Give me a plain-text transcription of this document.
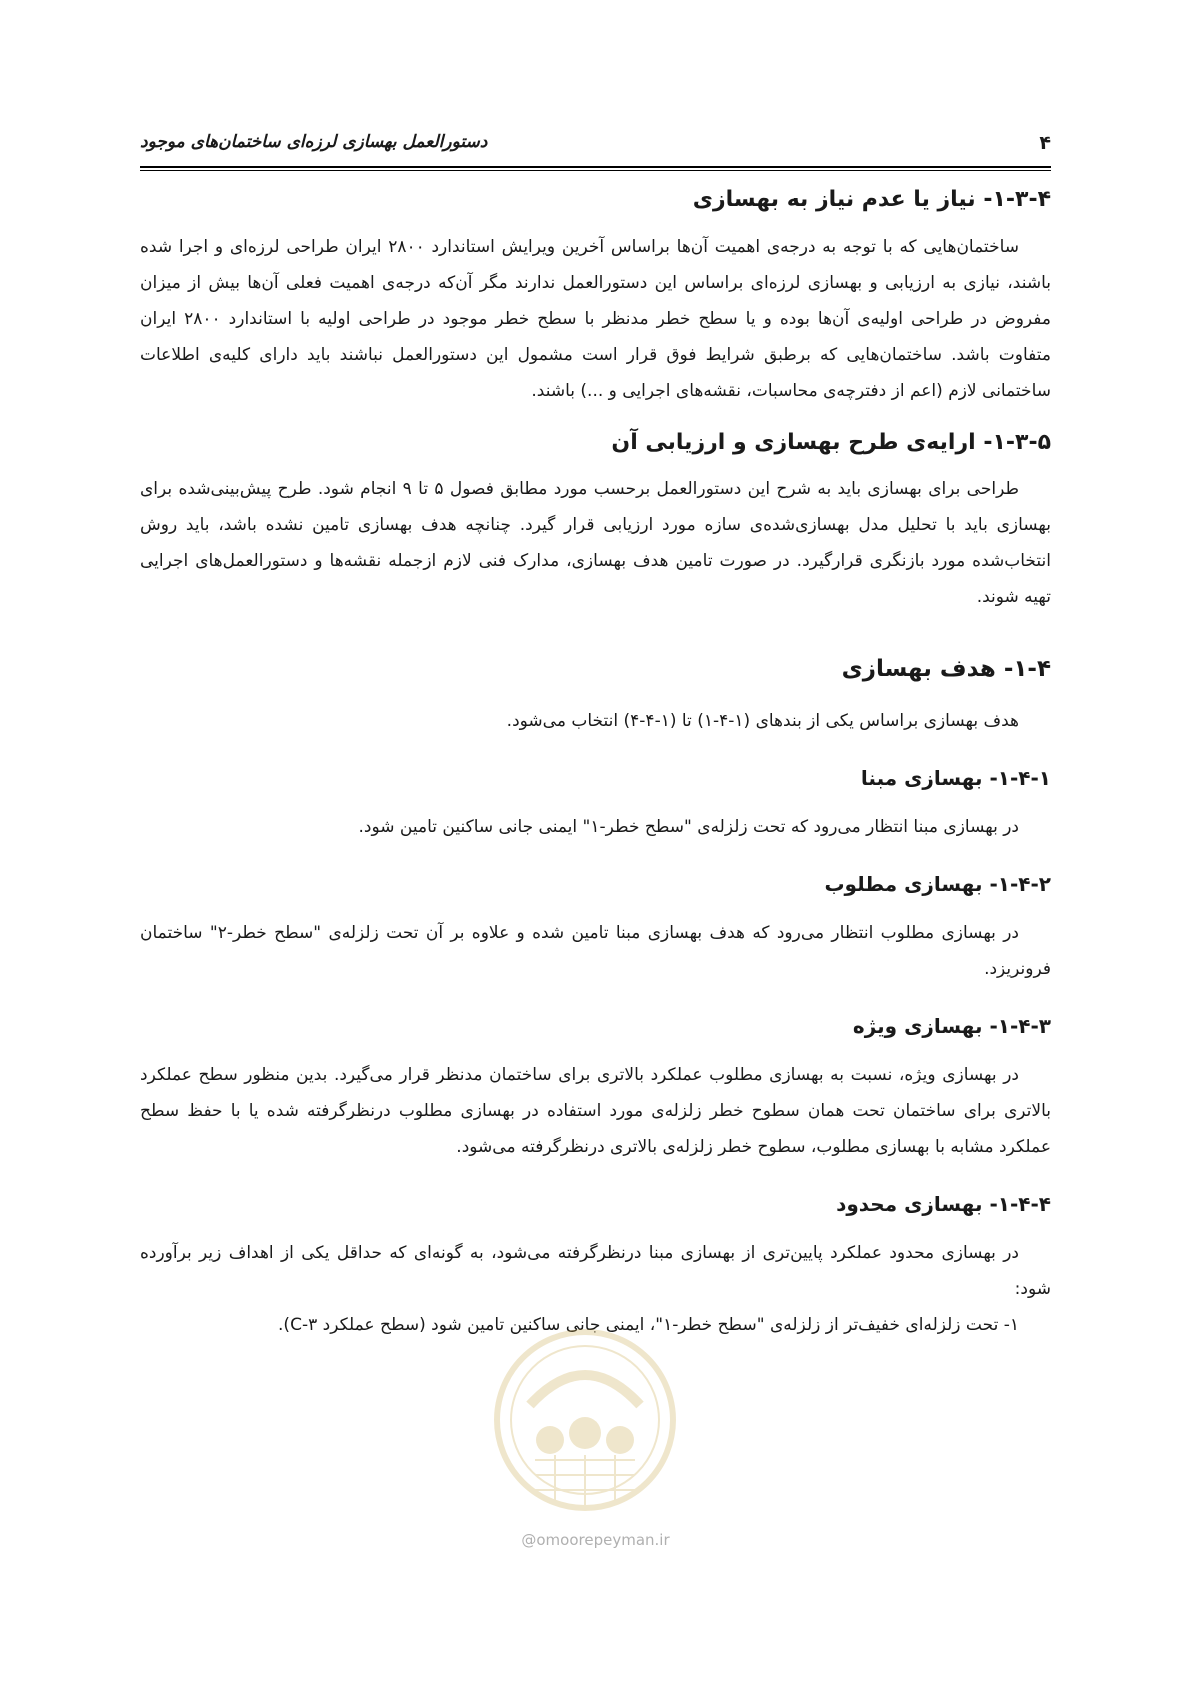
۴
دستورالعمل بهسازی لرزه‌ای ساختمان‌های موجود
۱-۳-۴- نیاز یا عدم نیاز به بهسازی

ساختمان‌هایی که با توجه به درجه‌ی اهمیت آن‌ها براساس آخرین ویرایش استاندارد ۲۸۰۰ ایران طراحی لرزه‌ای و اجرا شده باشند، نیازی به ارزیابی و بهسازی لرزه‌ای براساس این دستورالعمل ندارند مگر آن‌که درجه‌ی اهمیت فعلی آن‌ها بیش از میزان مفروض در طراحی اولیه‌ی آن‌ها بوده و یا سطح خطر مدنظر با سطح خطر موجود در طراحی اولیه با استاندارد ۲۸۰۰ ایران متفاوت باشد. ساختمان‌هایی که برطبق شرایط فوق قرار است مشمول این دستورالعمل نباشند باید دارای کلیه‌ی اطلاعات ساختمانی لازم (اعم از دفترچه‌ی محاسبات، نقشه‌های اجرایی و ...) باشند.

۱-۳-۵- ارایه‌ی طرح بهسازی و ارزیابی آن

طراحی برای بهسازی باید به شرح این دستورالعمل برحسب مورد مطابق فصول ۵ تا ۹ انجام شود. طرح پیش‌بینی‌شده برای بهسازی باید با تحلیل مدل بهسازی‌شده‌ی سازه مورد ارزیابی قرار گیرد. چنانچه هدف بهسازی تامین نشده باشد، باید روش انتخاب‌شده مورد بازنگری قرارگیرد. در صورت تامین هدف بهسازی، مدارک فنی لازم ازجمله نقشه‌ها و دستورالعمل‌های اجرایی تهیه شوند.

۱-۴- هدف بهسازی

هدف بهسازی براساس یکی از بندهای (۱-۴-۱) تا (۱-۴-۴) انتخاب می‌شود.

۱-۴-۱- بهسازی مبنا

در بهسازی مبنا انتظار می‌رود که تحت زلزله‌ی "سطح خطر-۱" ایمنی جانی ساکنین تامین شود.

۱-۴-۲- بهسازی مطلوب

در بهسازی مطلوب انتظار می‌رود که هدف بهسازی مبنا تامین شده و علاوه بر آن تحت زلزله‌ی "سطح خطر-۲" ساختمان فرونریزد.

۱-۴-۳- بهسازی ویژه

در بهسازی ویژه، نسبت به بهسازی مطلوب عملکرد بالاتری برای ساختمان مدنظر قرار می‌گیرد. بدین منظور سطح عملکرد بالاتری برای ساختمان تحت همان سطوح خطر زلزله‌ی مورد استفاده در بهسازی مطلوب درنظرگرفته شده یا با حفظ سطح عملکرد مشابه با بهسازی مطلوب، سطوح خطر زلزله‌ی بالاتری درنظرگرفته می‌شود.

۱-۴-۴- بهسازی محدود

در بهسازی محدود عملکرد پایین‌تری از بهسازی مبنا درنظرگرفته می‌شود، به گونه‌ای که حداقل یکی از اهداف زیر برآورده شود:

۱- تحت زلزله‌ای خفیف‌تر از زلزله‌ی "سطح خطر-۱"، ایمنی جانی ساکنین تامین شود (سطح عملکرد ۳-C).
@omoorepeyman.ir
